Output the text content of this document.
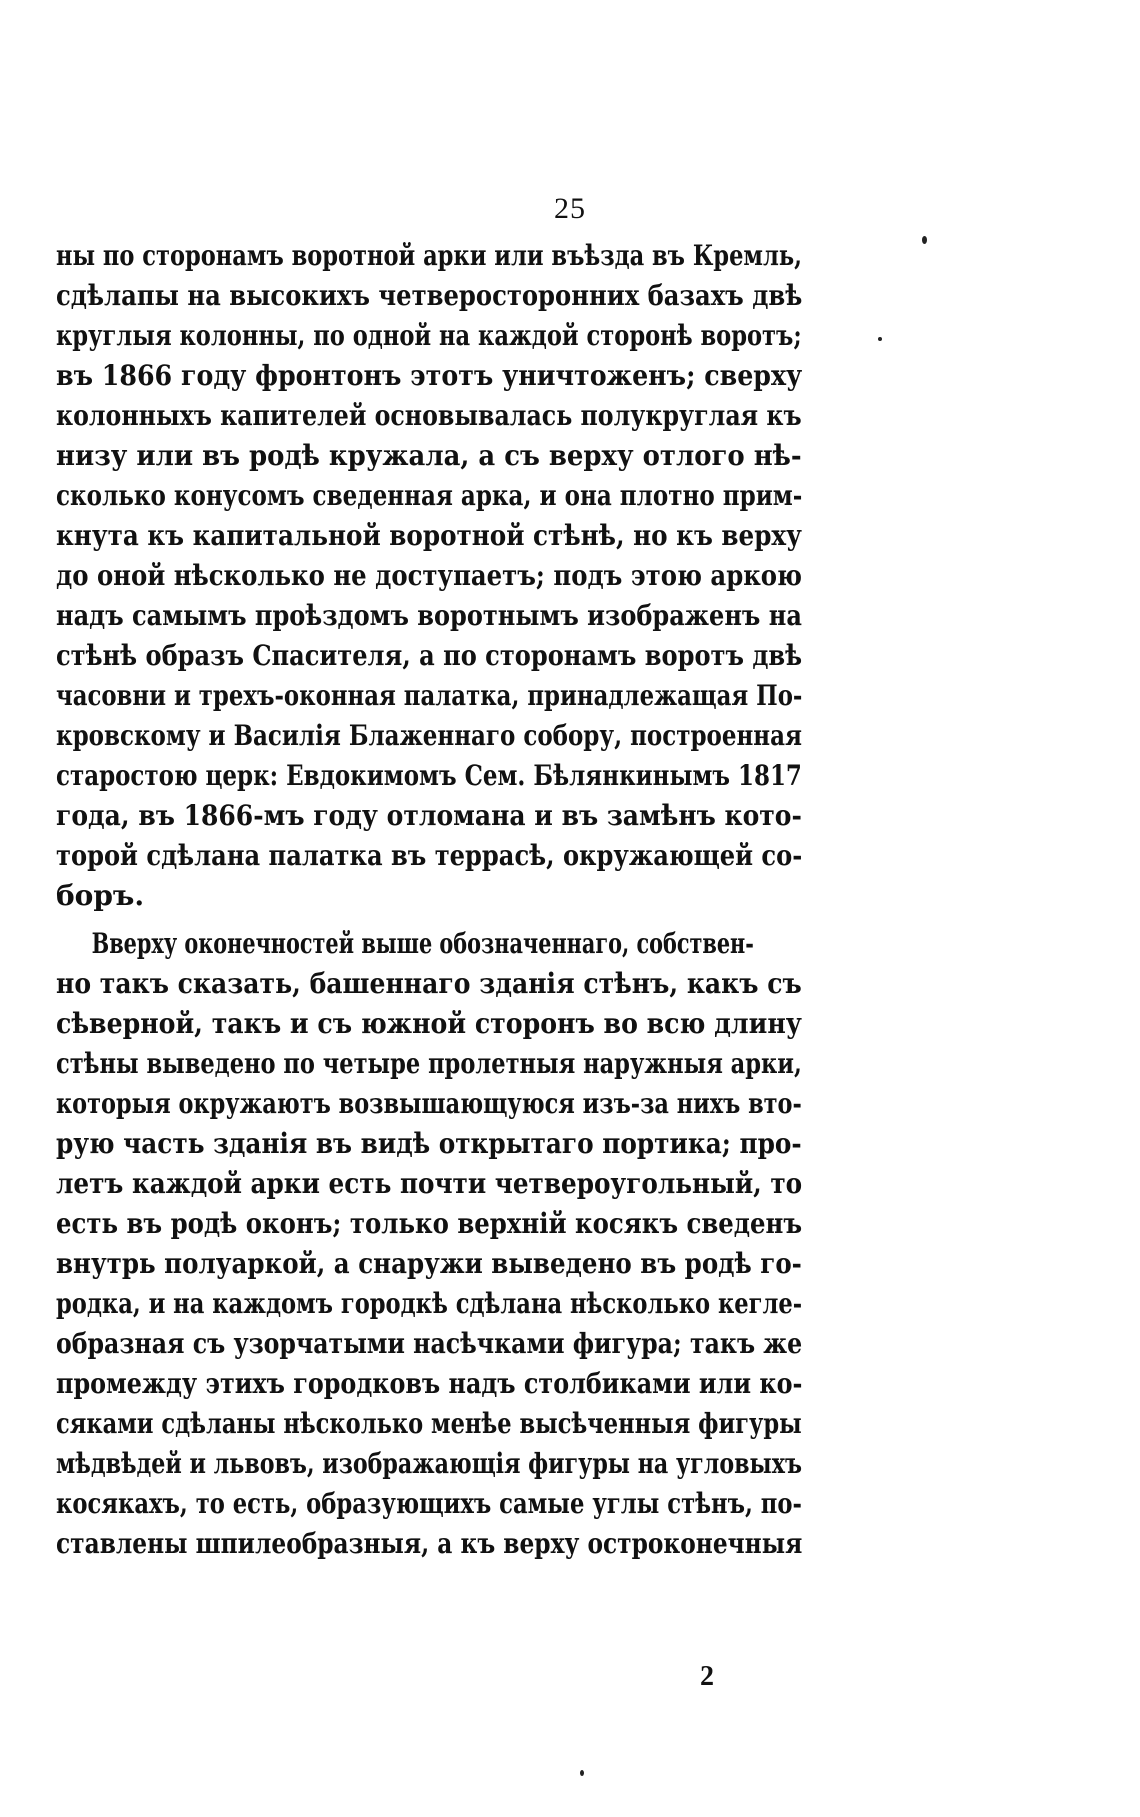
25
ны по сторонамъ воротной арки или въѣзда въ Кремль,
сдѣлапы на высокихъ четверосторонних базахъ двѣ
круглыя колонны, по одной на каждой сторонѣ воротъ;
въ 1866 году фронтонъ этотъ уничтоженъ; сверху
колонныхъ капителей основывалась полукруглая къ
низу или въ родѣ кружала, а съ верху отлого нѣ-
сколько конусомъ сведенная арка, и она плотно прим-
кнута къ капитальной воротной стѣнѣ, но къ верху
до оной нѣсколько не доступаетъ; подъ этою аркою
надъ самымъ проѣздомъ воротнымъ изображенъ на
стѣнѣ образъ Спасителя, а по сторонамъ воротъ двѣ
часовни и трехъ-оконная палатка, принадлежащая По-
кровскому и Василія Блаженнаго собору, построенная
старостою церк: Евдокимомъ Сем. Бѣлянкинымъ 1817
года, въ 1866-мъ году отломана и въ замѣнъ кото-
торой сдѣлана палатка въ террасѣ, окружающей со-
боръ.
Вверху оконечностей выше обозначеннаго, собствен-
но такъ сказать, башеннаго зданія стѣнъ, какъ съ
сѣверной, такъ и съ южной сторонъ во всю длину
стѣны выведено по четыре пролетныя наружныя арки,
которыя окружаютъ возвышающуюся изъ-за нихъ вто-
рую часть зданія въ видѣ открытаго портика; про-
летъ каждой арки есть почти четвероугольный, то
есть въ родѣ оконъ; только верхній косякъ сведенъ
внутрь полуаркой, а снаружи выведено въ родѣ го-
родка, и на каждомъ городкѣ сдѣлана нѣсколько кегле-
образная съ узорчатыми насѣчками фигура; такъ же
промежду этихъ городковъ надъ столбиками или ко-
сяками сдѣланы нѣсколько менѣе высѣченныя фигуры
мѣдвѣдей и львовъ, изображающія фигуры на угловыхъ
косякахъ, то есть, образующихъ самые углы стѣнъ, по-
ставлены шпилеобразныя, а къ верху остроконечныя
2
